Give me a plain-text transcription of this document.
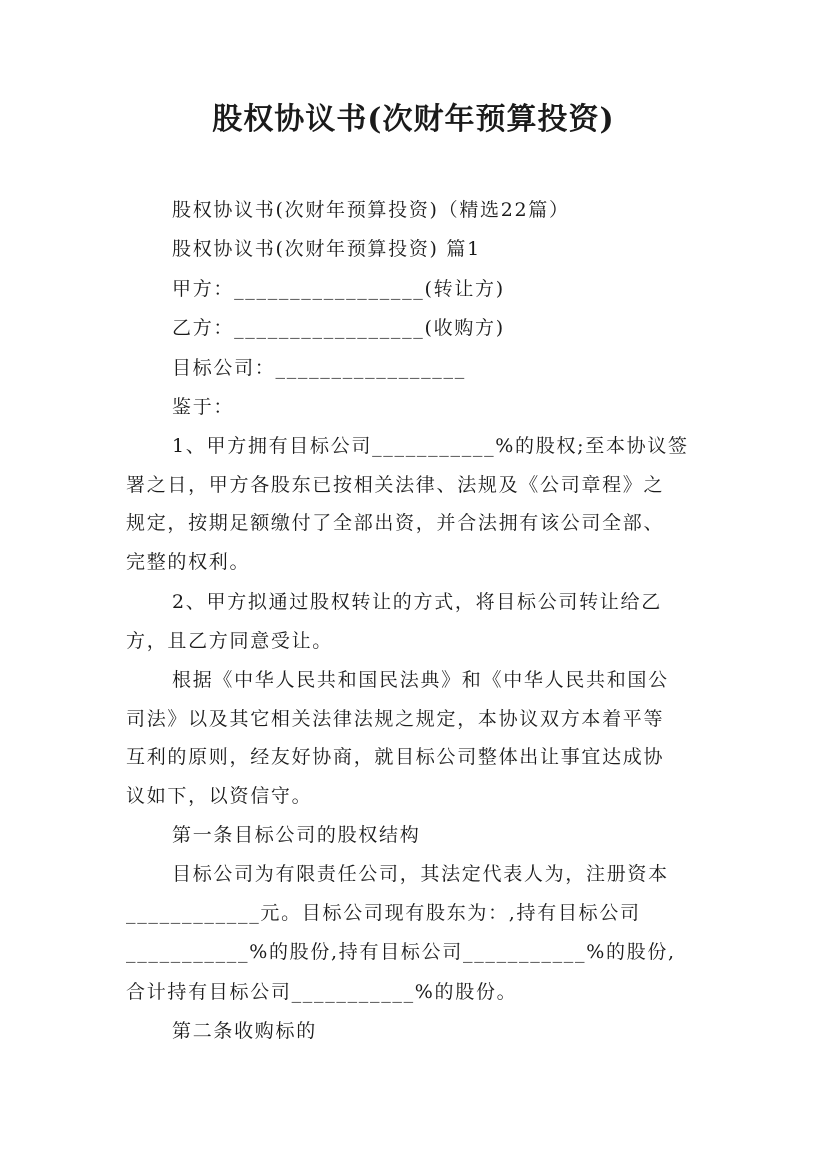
股权协议书(次财年预算投资)
股权协议书(次财年预算投资)（精选22篇）
股权协议书(次财年预算投资) 篇1
甲方：_________________(转让方)
乙方：_________________(收购方)
目标公司：_________________
鉴于：
1、甲方拥有目标公司___________%的股权;至本协议签
署之日，甲方各股东已按相关法律、法规及《公司章程》之
规定，按期足额缴付了全部出资，并合法拥有该公司全部、
完整的权利。
2、甲方拟通过股权转让的方式，将目标公司转让给乙
方，且乙方同意受让。
根据《中华人民共和国民法典》和《中华人民共和国公
司法》以及其它相关法律法规之规定，本协议双方本着平等
互利的原则，经友好协商，就目标公司整体出让事宜达成协
议如下，以资信守。
第一条目标公司的股权结构
目标公司为有限责任公司，其法定代表人为，注册资本
____________元。目标公司现有股东为：,持有目标公司
___________%的股份,持有目标公司___________%的股份,
合计持有目标公司___________%的股份。
第二条收购标的
